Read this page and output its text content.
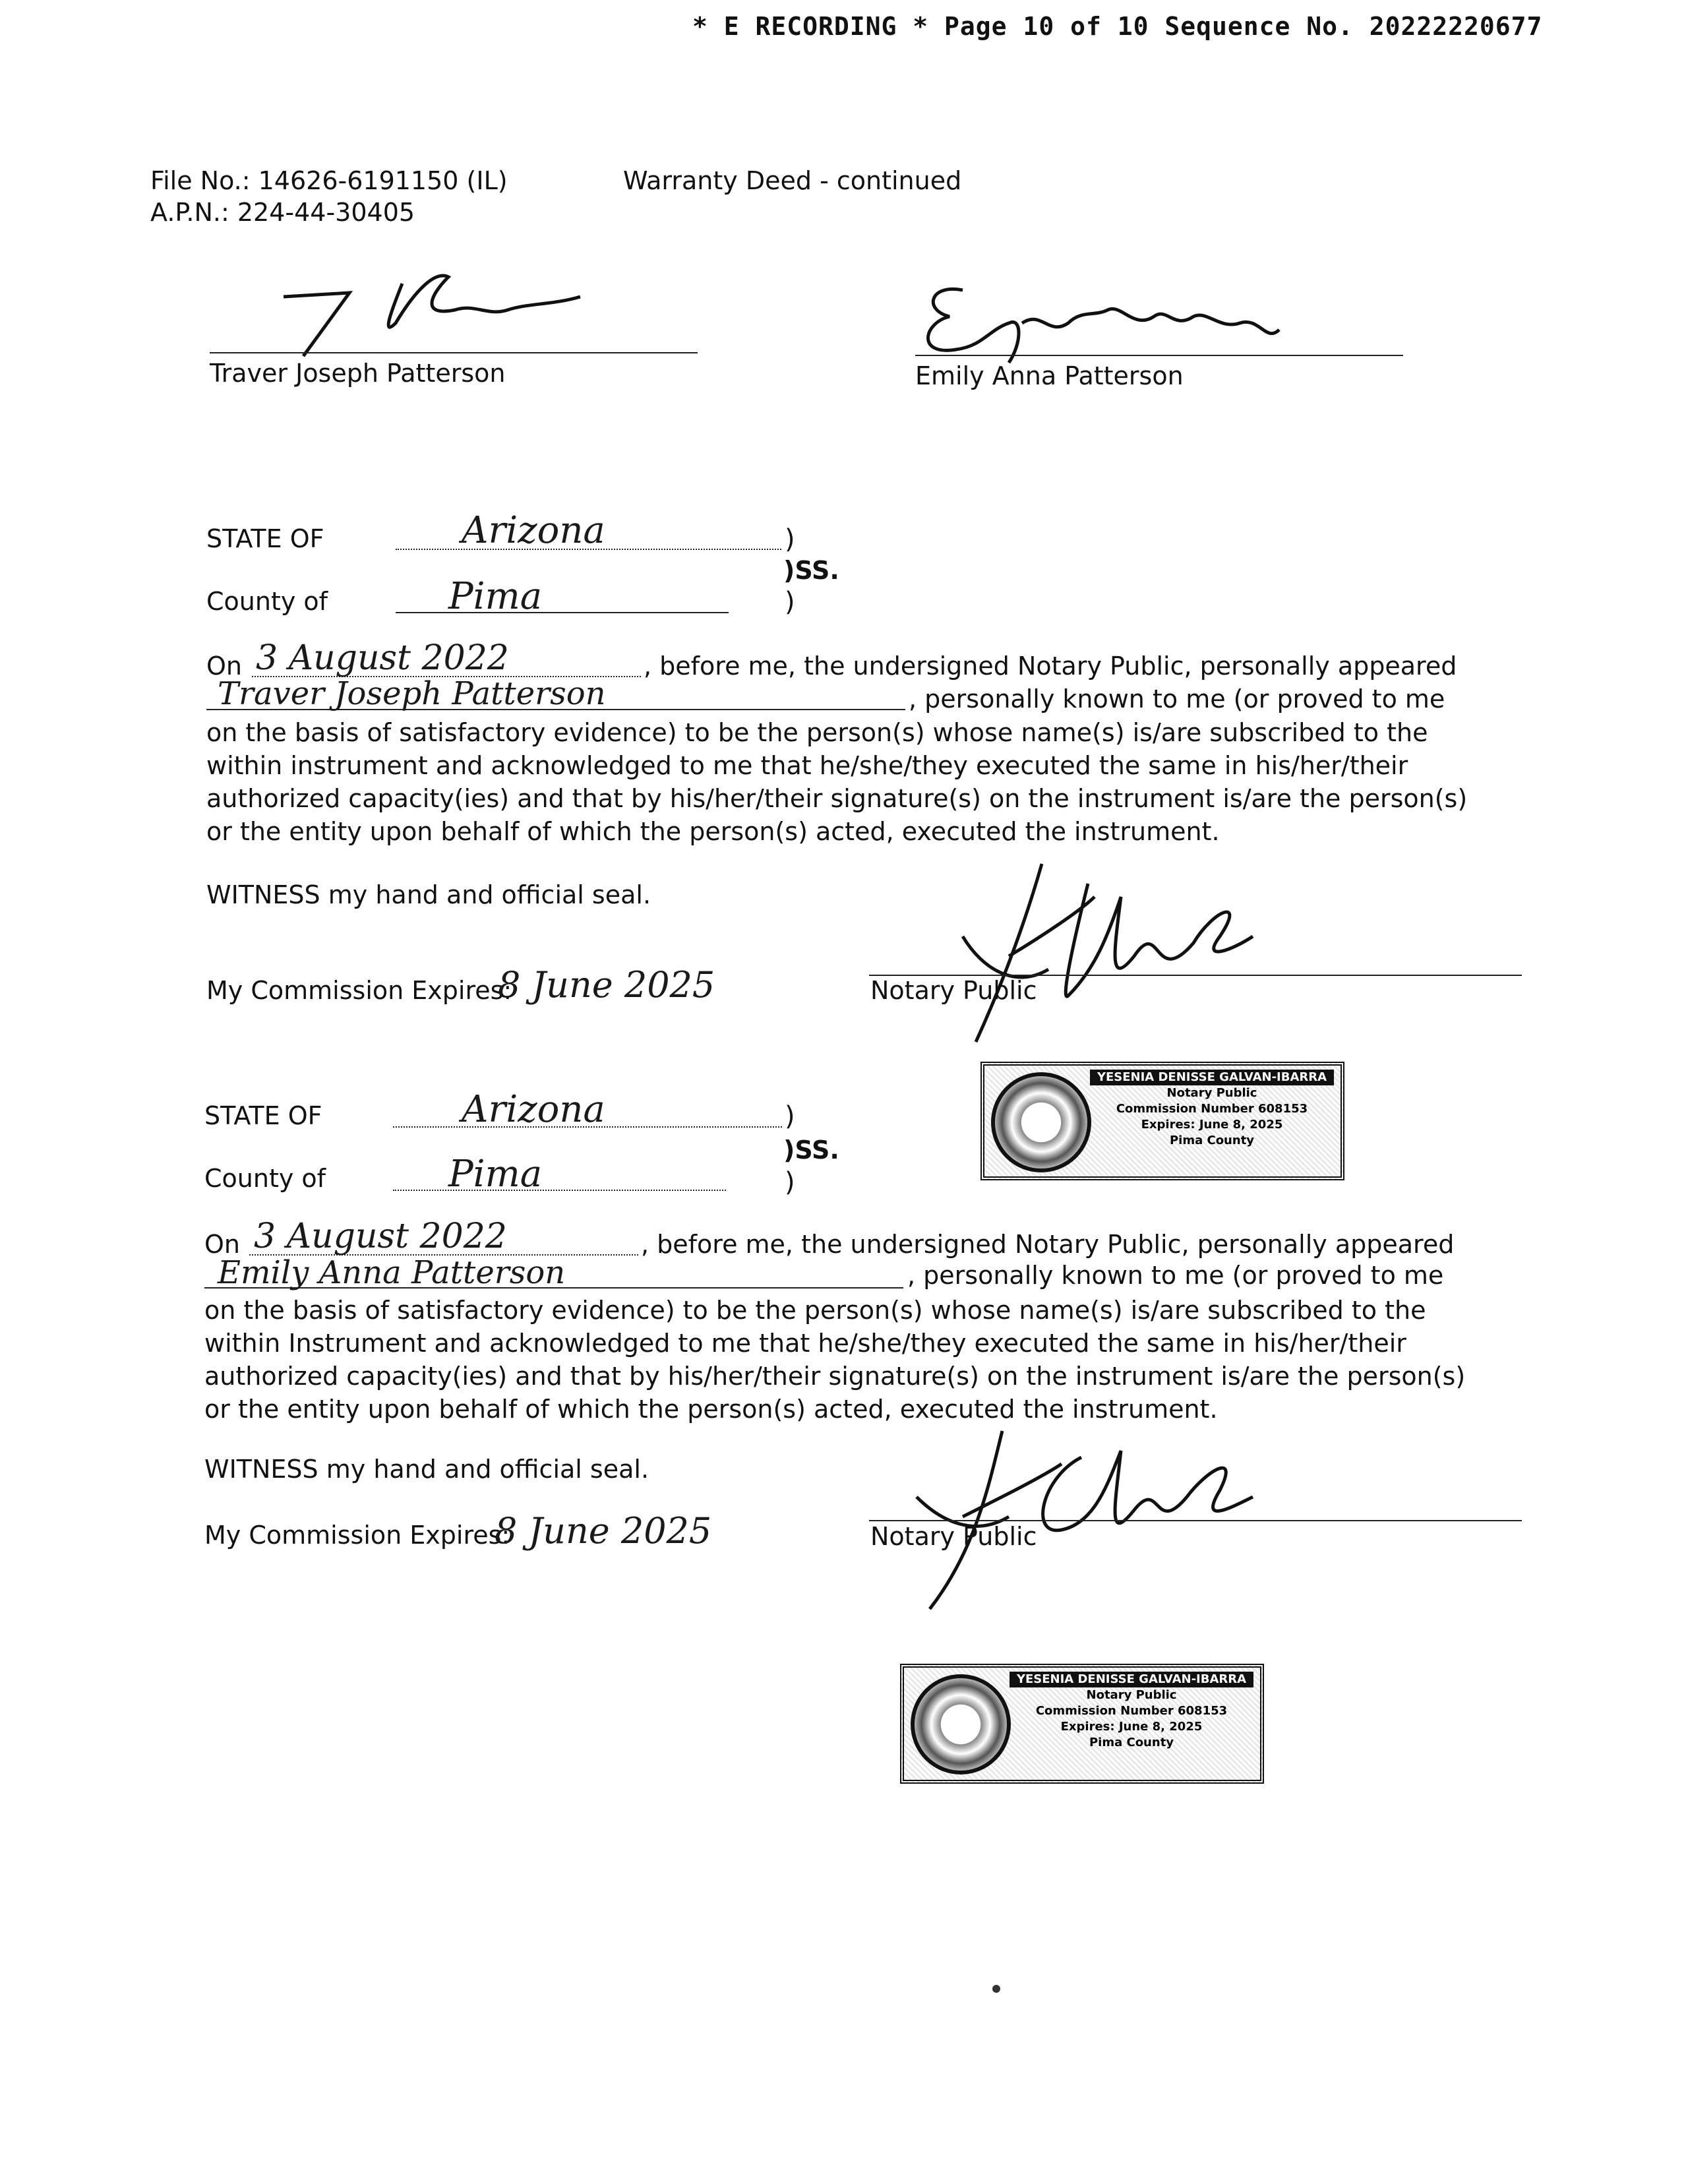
* E RECORDING * Page 10 of 10 Sequence No. 20222220677
File No.: 14626-6191150 (IL)
A.P.N.: 224-44-30405
Warranty Deed - continued
Traver Joseph Patterson	Emily Anna Patterson
STATE OF	Arizona	)
)SS.
County of	Pima	)
On 3 August 2022	, before me, the undersigned Notary Public, personally appeared
Traver Joseph Patterson	, personally known to me (or proved to me
on the basis of satisfactory evidence) to be the person(s) whose name(s) is/are subscribed to the within instrument and acknowledged to me that he/she/they executed the same in his/her/their authorized capacity(ies) and that by his/her/their signature(s) on the instrument is/are the person(s) or the entity upon behalf of which the person(s) acted, executed the instrument.
WITNESS my hand and official seal.
My Commission Expires:
8 June 2025	Notary Public
YESENIA DENISSE GALVAN-IBARRA
Notary Public
Commission Number 608153
Expires: June 8, 2025
Pima County
STATE OF	Arizona	)
)SS.
County of	Pima	)
On 3 August 2022	, before me, the undersigned Notary Public, personally appeared
Emily Anna Patterson	, personally known to me (or proved to me
on the basis of satisfactory evidence) to be the person(s) whose name(s) is/are subscribed to the within Instrument and acknowledged to me that he/she/they executed the same in his/her/their authorized capacity(ies) and that by his/her/their signature(s) on the instrument is/are the person(s) or the entity upon behalf of which the person(s) acted, executed the instrument.
WITNESS my hand and official seal.
My Commission Expires:
8 June 2025	Notary Public
YESENIA DENISSE GALVAN-IBARRA
Notary Public
Commission Number 608153
Expires: June 8, 2025
Pima County
